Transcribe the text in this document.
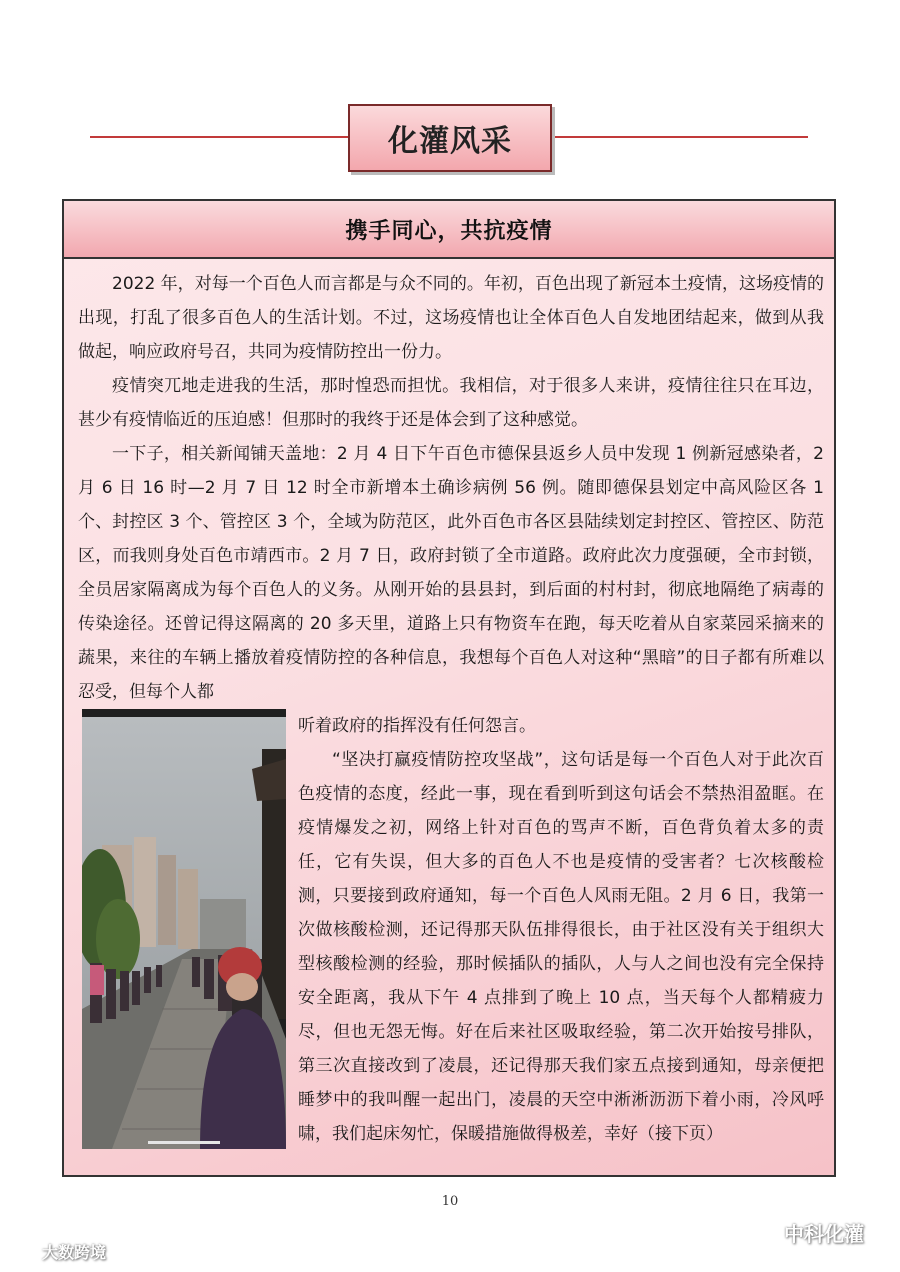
化灌风采
携手同心，共抗疫情

2022 年，对每一个百色人而言都是与众不同的。年初，百色出现了新冠本土疫情，这场疫情的出现，打乱了很多百色人的生活计划。不过，这场疫情也让全体百色人自发地团结起来，做到从我做起，响应政府号召，共同为疫情防控出一份力。

疫情突兀地走进我的生活，那时惶恐而担忧。我相信，对于很多人来讲，疫情往往只在耳边，甚少有疫情临近的压迫感！但那时的我终于还是体会到了这种感觉。

一下子，相关新闻铺天盖地：2 月 4 日下午百色市德保县返乡人员中发现 1 例新冠感染者，2 月 6 日 16 时—2 月 7 日 12 时全市新增本土确诊病例 56 例。随即德保县划定中高风险区各 1 个、封控区 3 个、管控区 3 个，全域为防范区，此外百色市各区县陆续划定封控区、管控区、防范区，而我则身处百色市靖西市。2 月 7 日，政府封锁了全市道路。政府此次力度强硬，全市封锁，全员居家隔离成为每个百色人的义务。从刚开始的县县封，到后面的村村封，彻底地隔绝了病毒的传染途径。还曾记得这隔离的 20 多天里，道路上只有物资车在跑，每天吃着从自家菜园采摘来的蔬果，来往的车辆上播放着疫情防控的各种信息，我想每个百色人对这种“黑暗”的日子都有所难以忍受，但每个人都

听着政府的指挥没有任何怨言。

“坚决打赢疫情防控攻坚战”，这句话是每一个百色人对于此次百色疫情的态度，经此一事，现在看到听到这句话会不禁热泪盈眶。在疫情爆发之初，网络上针对百色的骂声不断，百色背负着太多的责任，它有失误，但大多的百色人不也是疫情的受害者？七次核酸检测，只要接到政府通知，每一个百色人风雨无阻。2 月 6 日，我第一次做核酸检测，还记得那天队伍排得很长，由于社区没有关于组织大型核酸检测的经验，那时候插队的插队，人与人之间也没有完全保持安全距离，我从下午 4 点排到了晚上 10 点，当天每个人都精疲力尽，但也无怨无悔。好在后来社区吸取经验，第二次开始按号排队，第三次直接改到了凌晨，还记得那天我们家五点接到通知，母亲便把睡梦中的我叫醒一起出门，凌晨的天空中淅淅沥沥下着小雨，冷风呼啸，我们起床匆忙，保暖措施做得极差，幸好（接下页）

10
中科化灌
大数跨境
